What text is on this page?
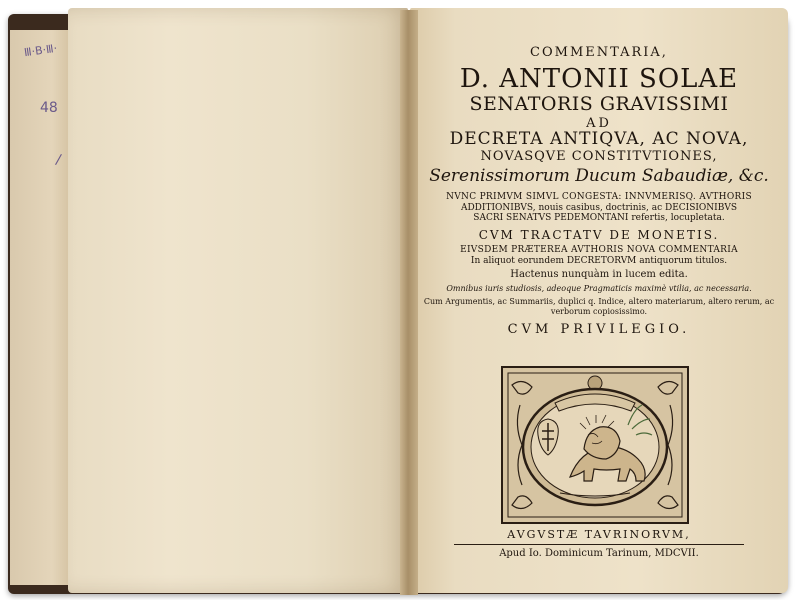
Ⅲ·B·Ⅲ·
48
/
COMMENTARIA,
D. ANTONII SOLAE
SENATORIS GRAVISSIMI
AD
DECRETA ANTIQVA, AC NOVA,
NOVASQVE CONSTITVTIONES,
Serenissimorum Ducum Sabaudiæ, &c.
NVNC PRIMVM SIMVL CONGESTA: INNVMERISQ. AVTHORIS
ADDITIONIBVS, nouis casibus, doctrinis, ac DECISIONIBVS
SACRI SENATVS PEDEMONTANI refertis, locupletata.
CVM TRACTATV DE MONETIS.
EIVSDEM PRÆTEREA AVTHORIS NOVA COMMENTARIA
In aliquot eorundem DECRETORVM antiquorum titulos.
Hactenus nunquàm in lucem edita.
Omnibus iuris studiosis, adeoque Pragmaticis maximè vtilia, ac necessaria.
Cum Argumentis, ac Summariis, duplici q. Indice, altero materiarum, altero rerum, ac
verborum copiosissimo.
CVM PRIVILEGIO.
AVGVSTÆ TAVRINORVM,
Apud Io. Dominicum Tarinum, MDCVII.
